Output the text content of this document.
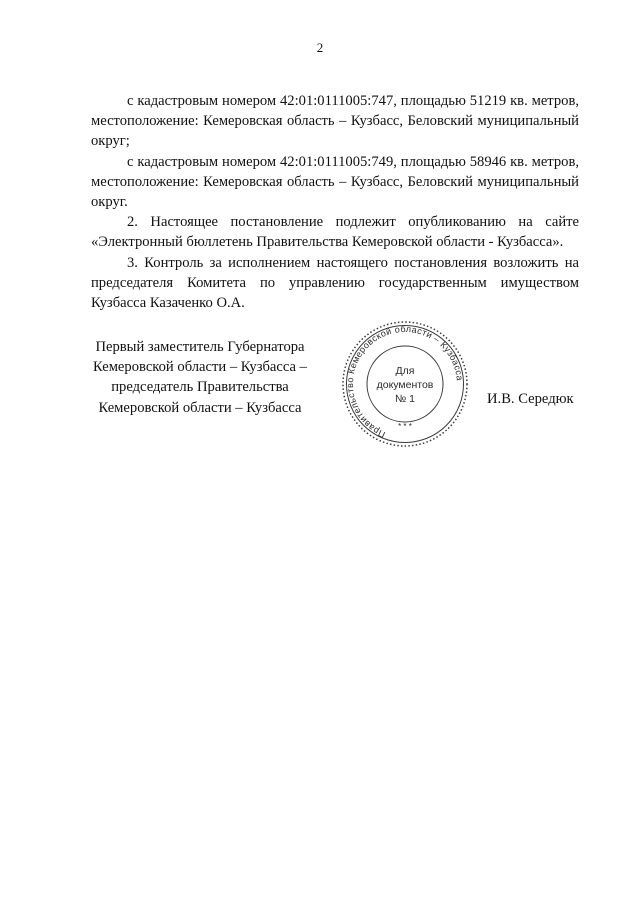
2

с кадастровым номером 42:01:0111005:747, площадью 51219 кв. метров, местоположение: Кемеровская область – Кузбасс, Беловский муниципальный округ;

с кадастровым номером 42:01:0111005:749, площадью 58946 кв. метров, местоположение: Кемеровская область – Кузбасс, Беловский муниципальный округ.

2. Настоящее постановление подлежит опубликованию на сайте «Электронный бюллетень Правительства Кемеровской области - Кузбасса».

3. Контроль за исполнением настоящего постановления возложить на председателя Комитета по управлению государственным имуществом Кузбасса Казаченко О.А.

Первый заместитель Губернатора
Кемеровской области – Кузбасса –
председатель Правительства
Кемеровской области – Кузбасса
Правительство Кемеровской области – Кузбасса
* * *
Для
документов
№ 1	И.В. Середюк
